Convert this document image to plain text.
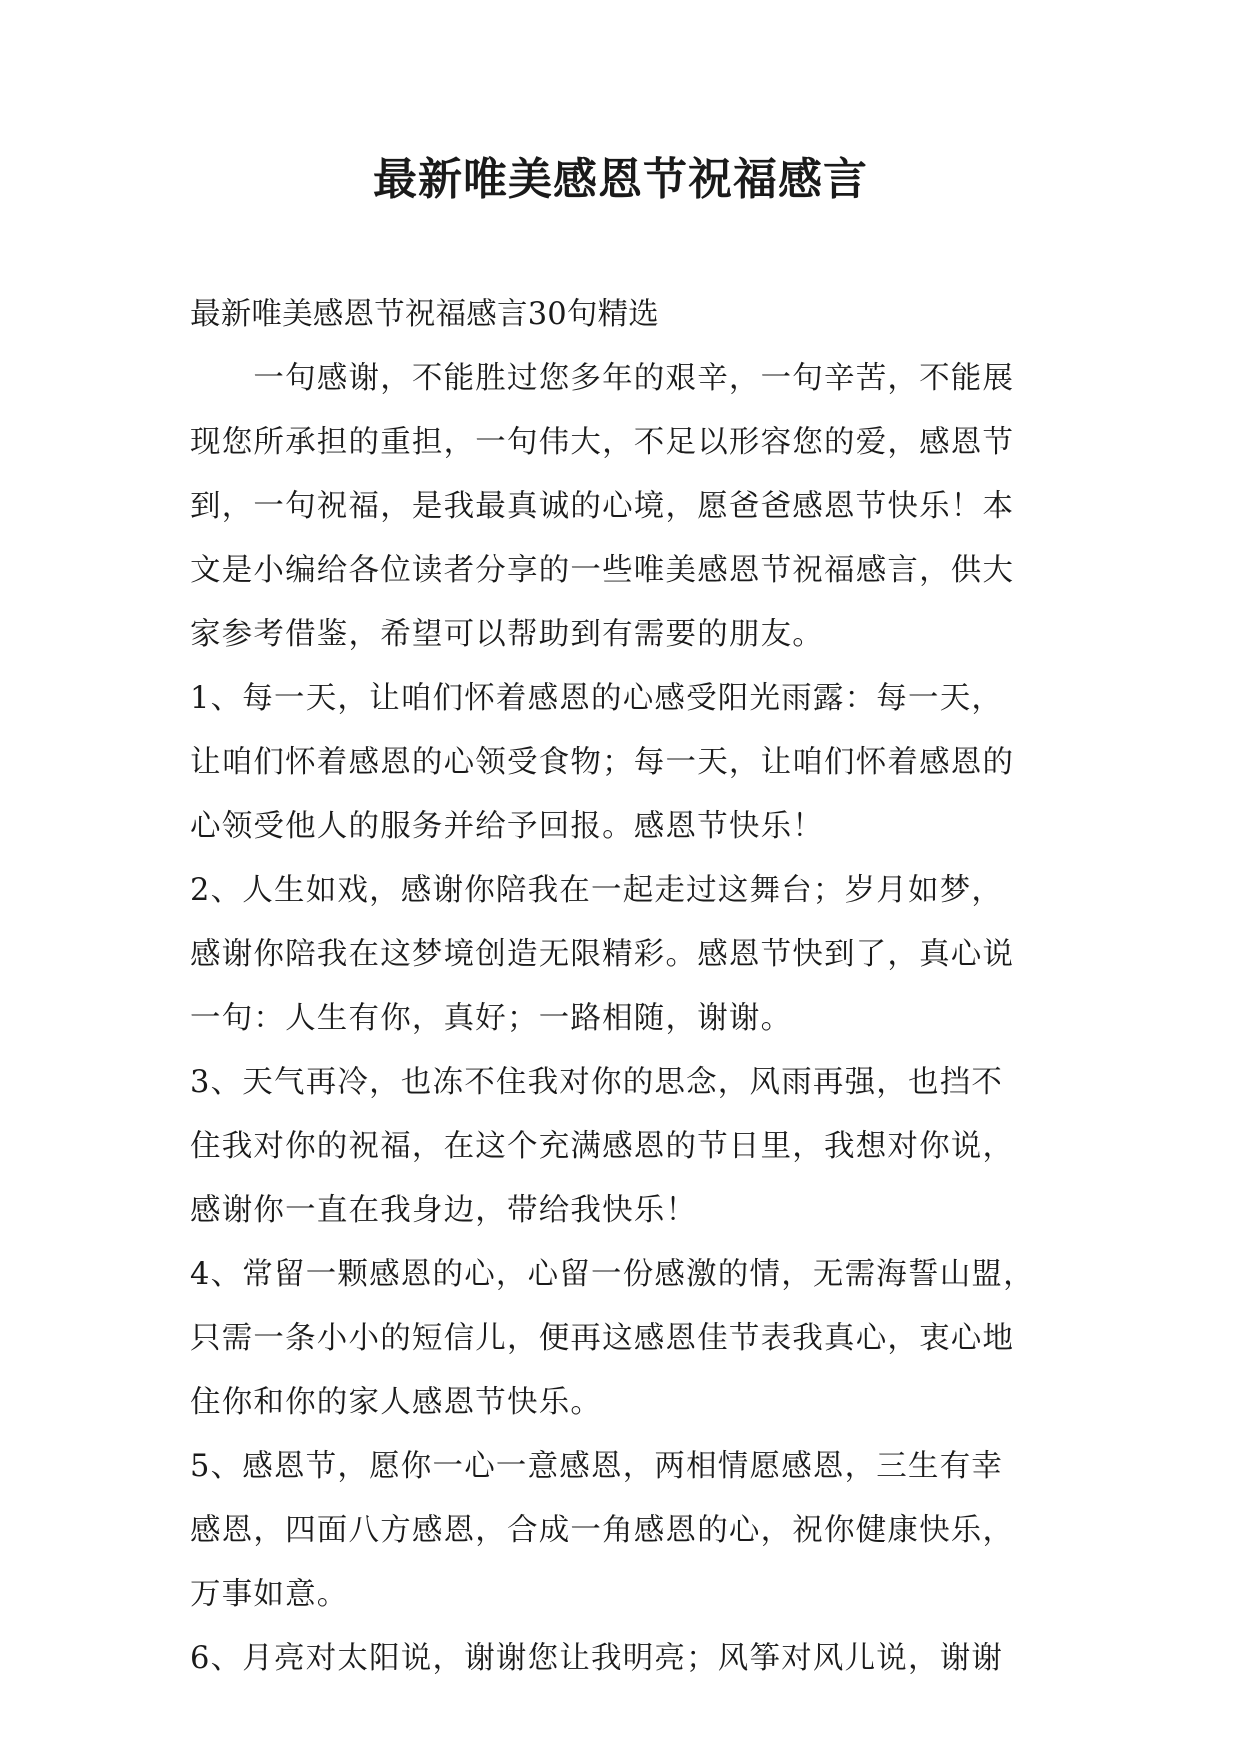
最新唯美感恩节祝福感言
最新唯美感恩节祝福感言30句精选
　　一句感谢，不能胜过您多年的艰辛，一句辛苦，不能展
现您所承担的重担，一句伟大，不足以形容您的爱，感恩节
到，一句祝福，是我最真诚的心境，愿爸爸感恩节快乐！本
文是小编给各位读者分享的一些唯美感恩节祝福感言，供大
家参考借鉴，希望可以帮助到有需要的朋友。
1、每一天，让咱们怀着感恩的心感受阳光雨露：每一天，
让咱们怀着感恩的心领受食物；每一天，让咱们怀着感恩的
心领受他人的服务并给予回报。感恩节快乐！
2、人生如戏，感谢你陪我在一起走过这舞台；岁月如梦，
感谢你陪我在这梦境创造无限精彩。感恩节快到了，真心说
一句：人生有你，真好；一路相随，谢谢。
3、天气再冷，也冻不住我对你的思念，风雨再强，也挡不
住我对你的祝福，在这个充满感恩的节日里，我想对你说，
感谢你一直在我身边，带给我快乐！
4、常留一颗感恩的心，心留一份感激的情，无需海誓山盟，
只需一条小小的短信儿，便再这感恩佳节表我真心，衷心地
住你和你的家人感恩节快乐。
5、感恩节，愿你一心一意感恩，两相情愿感恩，三生有幸
感恩，四面八方感恩，合成一角感恩的心，祝你健康快乐，
万事如意。
6、月亮对太阳说，谢谢您让我明亮；风筝对风儿说，谢谢
